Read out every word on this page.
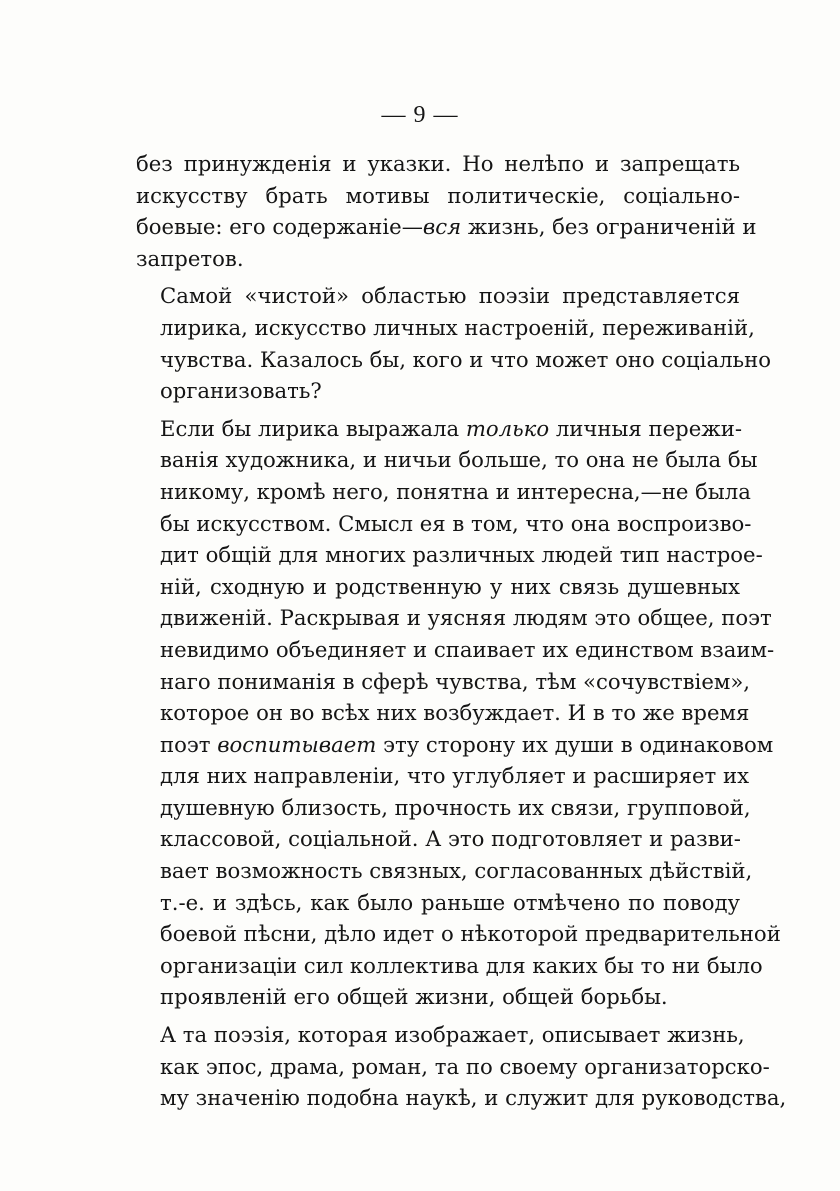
— 9 —

без принужденія и указки. Но нелѣпо и запрещать
искусству брать мотивы политическіе, соціально-
боевые: его содержаніе—вся жизнь, без ограниченій и
запретов.

Самой «чистой» областью поэзіи представляется
лирика, искусство личных настроеній, переживаній,
чувства. Казалось бы, кого и что может оно соціально
организовать?

Если бы лирика выражала только личныя пережи-
ванія художника, и ничьи больше, то она не была бы
никому, кромѣ него, понятна и интересна,—не была
бы искусством. Смысл ея в том, что она воспроизво-
дит общій для многих различных людей тип настрое-
ній, сходную и родственную у них связь душевных
движеній. Раскрывая и уясняя людям это общее, поэт
невидимо объединяет и спаивает их единством взаим-
наго пониманія в сферѣ чувства, тѣм «сочувствіем»,
которое он во всѣх них возбуждает. И в то же время
поэт воспитывает эту сторону их души в одинаковом
для них направленіи, что углубляет и расширяет их
душевную близость, прочность их связи, групповой,
классовой, соціальной. А это подготовляет и разви-
вает возможность связных, согласованных дѣйствій,
т.-е. и здѣсь, как было раньше отмѣчено по поводу
боевой пѣсни, дѣло идет о нѣкоторой предварительной
организаціи сил коллектива для каких бы то ни было
проявленій его общей жизни, общей борьбы.

А та поэзія, которая изображает, описывает жизнь,
как эпос, драма, роман, та по своему организаторско-
му значенію подобна наукѣ, и служит для руководства,
